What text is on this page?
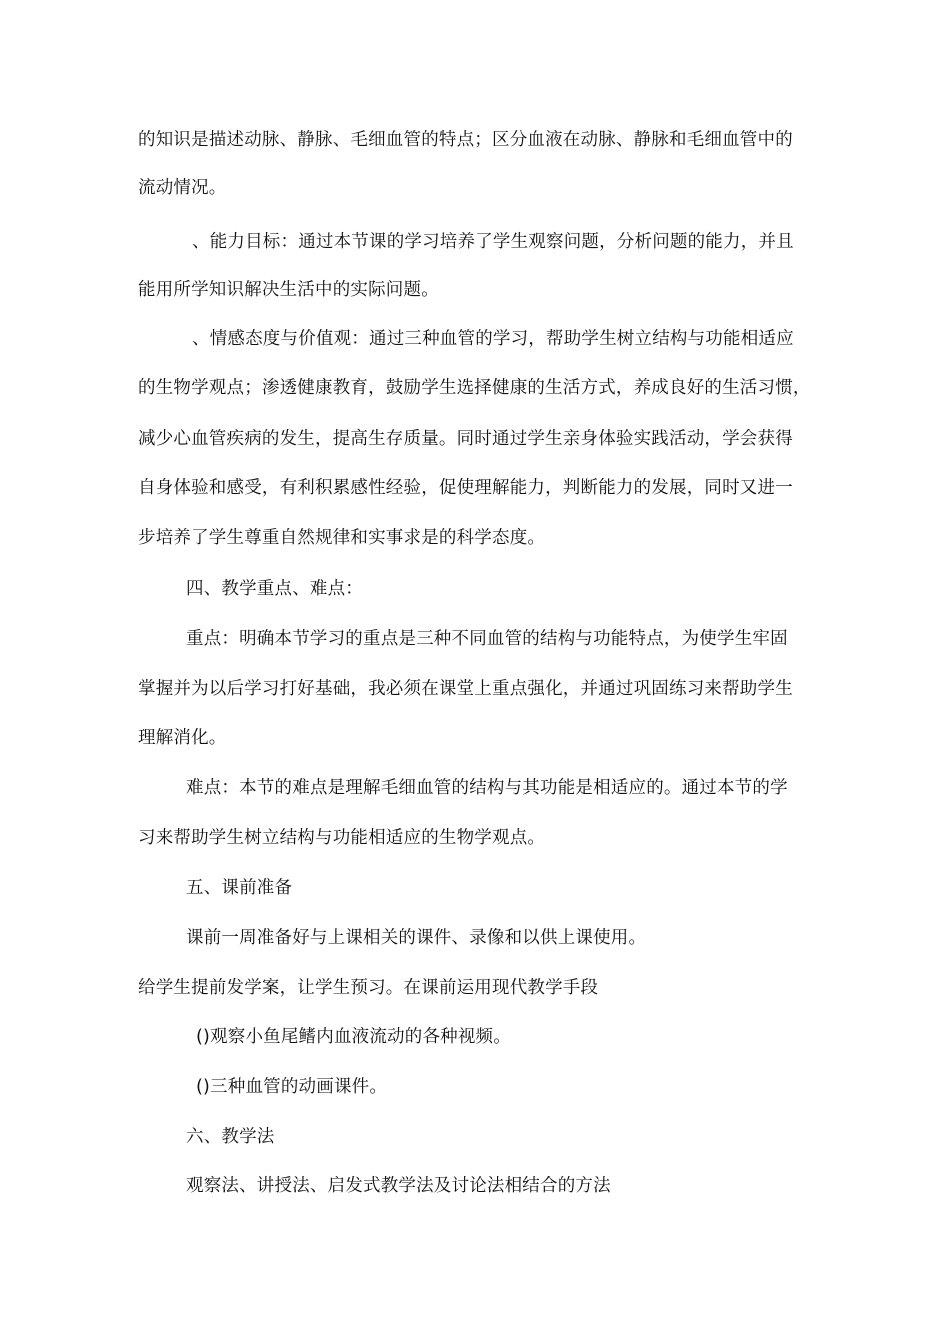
的知识是描述动脉、静脉、毛细血管的特点；区分血液在动脉、静脉和毛细血管中的
流动情况。
、能力目标：通过本节课的学习培养了学生观察问题，分析问题的能力，并且
能用所学知识解决生活中的实际问题。
、情感态度与价值观：通过三种血管的学习，帮助学生树立结构与功能相适应
的生物学观点；渗透健康教育，鼓励学生选择健康的生活方式，养成良好的生活习惯，
减少心血管疾病的发生，提高生存质量。同时通过学生亲身体验实践活动，学会获得
自身体验和感受，有利积累感性经验，促使理解能力，判断能力的发展，同时又进一
步培养了学生尊重自然规律和实事求是的科学态度。
四、教学重点、难点：
重点：明确本节学习的重点是三种不同血管的结构与功能特点，为使学生牢固
掌握并为以后学习打好基础，我必须在课堂上重点强化，并通过巩固练习来帮助学生
理解消化。
难点：本节的难点是理解毛细血管的结构与其功能是相适应的。通过本节的学
习来帮助学生树立结构与功能相适应的生物学观点。
五、课前准备
课前一周准备好与上课相关的课件、录像和以供上课使用。
给学生提前发学案，让学生预习。在课前运用现代教学手段
()观察小鱼尾鳍内血液流动的各种视频。
()三种血管的动画课件。
六、教学法
观察法、讲授法、启发式教学法及讨论法相结合的方法
